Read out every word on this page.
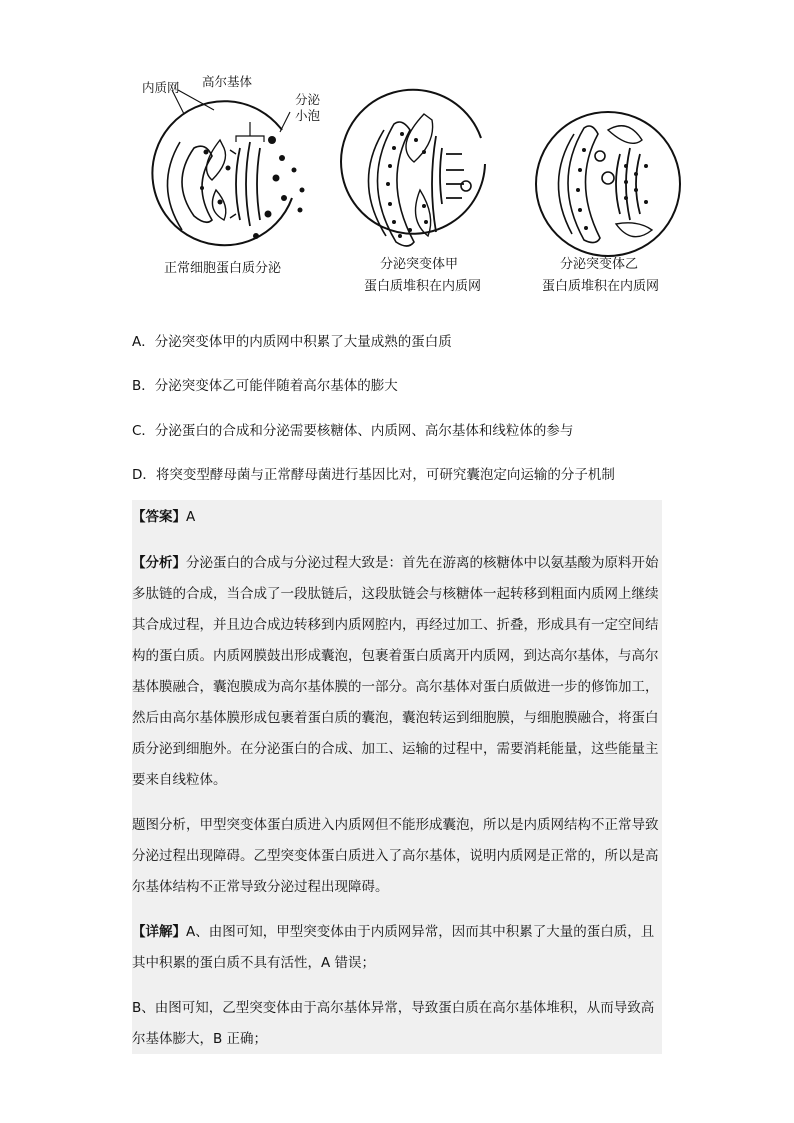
内质网 高尔基体
分泌
小泡
正常细胞蛋白质分泌	分泌突变体甲
蛋白质堆积在内质网
分泌突变体乙
蛋白质堆积在内质网
A．分泌突变体甲的内质网中积累了大量成熟的蛋白质
B．分泌突变体乙可能伴随着高尔基体的膨大
C．分泌蛋白的合成和分泌需要核糖体、内质网、高尔基体和线粒体的参与
D．将突变型酵母菌与正常酵母菌进行基因比对，可研究囊泡定向运输的分子机制
【答案】A
【分析】分泌蛋白的合成与分泌过程大致是：首先在游离的核糖体中以氨基酸为原料开始多肽链的合成，当合成了一段肽链后，这段肽链会与核糖体一起转移到粗面内质网上继续其合成过程，并且边合成边转移到内质网腔内，再经过加工、折叠，形成具有一定空间结构的蛋白质。内质网膜鼓出形成囊泡，包裹着蛋白质离开内质网，到达高尔基体，与高尔基体膜融合，囊泡膜成为高尔基体膜的一部分。高尔基体对蛋白质做进一步的修饰加工，然后由高尔基体膜形成包裹着蛋白质的囊泡，囊泡转运到细胞膜，与细胞膜融合，将蛋白质分泌到细胞外。在分泌蛋白的合成、加工、运输的过程中，需要消耗能量，这些能量主要来自线粒体。
题图分析，甲型突变体蛋白质进入内质网但不能形成囊泡，所以是内质网结构不正常导致分泌过程出现障碍。乙型突变体蛋白质进入了高尔基体，说明内质网是正常的，所以是高尔基体结构不正常导致分泌过程出现障碍。
【详解】A、由图可知，甲型突变体由于内质网异常，因而其中积累了大量的蛋白质，且其中积累的蛋白质不具有活性，A 错误；
B、由图可知，乙型突变体由于高尔基体异常，导致蛋白质在高尔基体堆积，从而导致高尔基体膨大，B 正确；
